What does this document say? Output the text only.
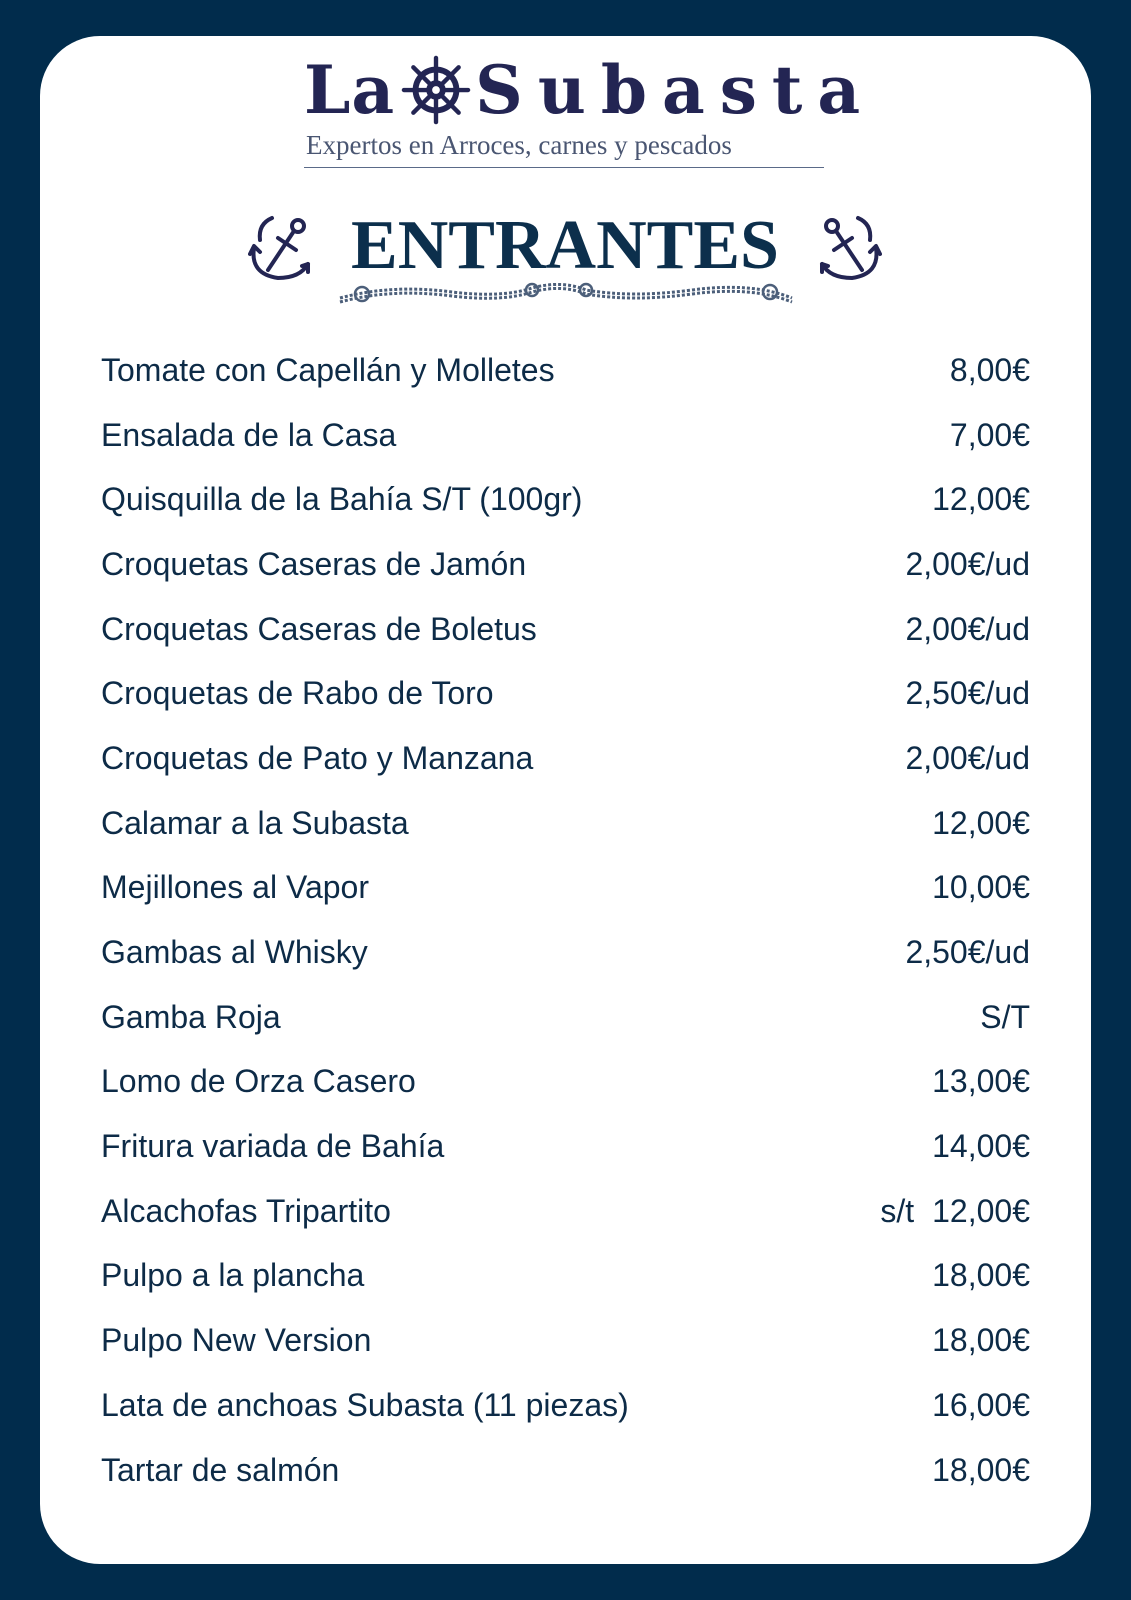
La Subasta
Expertos en Arroces, carnes y pescados
ENTRANTES
Tomate con Capellán y Molletes	8,00€
Ensalada de la Casa	7,00€
Quisquilla de la Bahía S/T (100gr)	12,00€
Croquetas Caseras de Jamón	2,00€/ud
Croquetas Caseras de Boletus	2,00€/ud
Croquetas de Rabo de Toro	2,50€/ud
Croquetas de Pato y Manzana	2,00€/ud
Calamar a la Subasta	12,00€
Mejillones al Vapor	10,00€
Gambas al Whisky	2,50€/ud
Gamba Roja	S/T
Lomo de Orza Casero	13,00€
Fritura variada de Bahía	14,00€
Alcachofas Tripartito	s/t 12,00€
Pulpo a la plancha	18,00€
Pulpo New Version	18,00€
Lata de anchoas Subasta (11 piezas)	16,00€
Tartar de salmón	18,00€
